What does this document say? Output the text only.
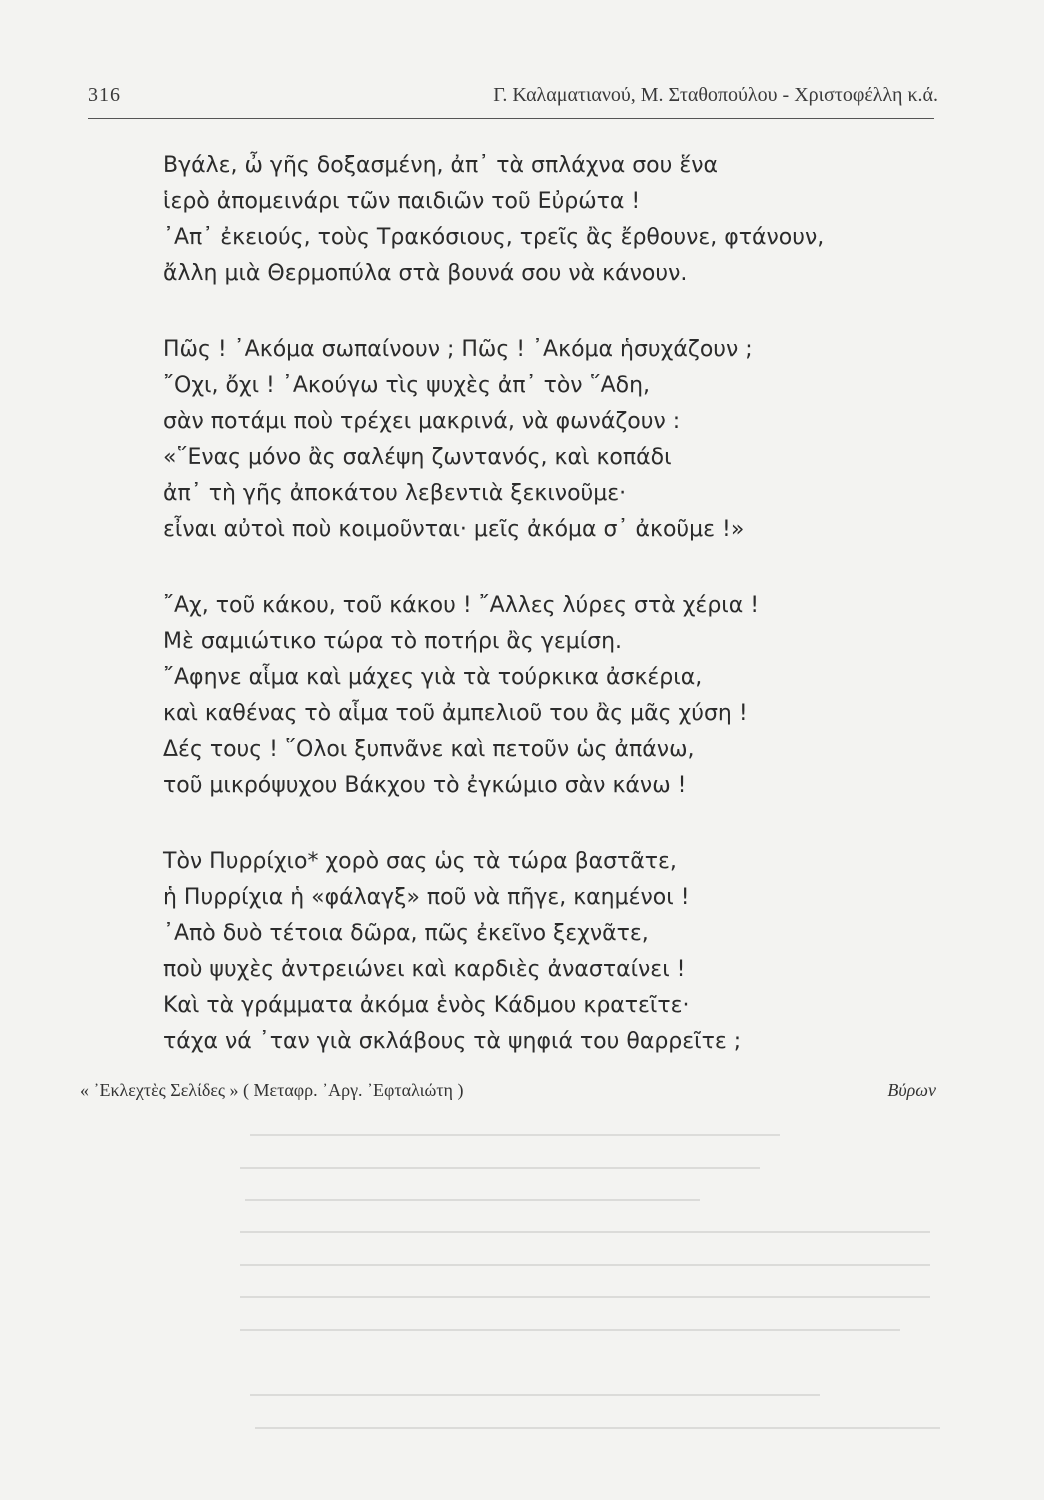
316	Γ. Καλαματιανού, Μ. Σταθοπούλου - Χριστοφέλλη κ.ά.
Βγάλε, ὦ γῆς δοξασμένη, ἀπ᾽ τὰ σπλάχνα σου ἕνα
ἱερὸ ἀπομεινάρι τῶν παιδιῶν τοῦ Εὐρώτα !
᾿Απ᾽ ἐκειούς, τοὺς Τρακόσιους, τρεῖς ἂς ἔρθουνε, φτάνουν,
ἄλλη μιὰ Θερμοπύλα στὰ βουνά σου νὰ κάνουν.
Πῶς ! ᾿Ακόμα σωπαίνουν ; Πῶς ! ᾿Ακόμα ἡσυχάζουν ;
῎Οχι, ὄχι ! ᾿Ακούγω τὶς ψυχὲς ἀπ᾽ τὸν ῞Αδη,
σὰν ποτάμι ποὺ τρέχει μακρινά, νὰ φωνάζουν :
«῞Ενας μόνο ἂς σαλέψη ζωντανός, καὶ κοπάδι
ἀπ᾽ τὴ γῆς ἀποκάτου λεβεντιὰ ξεκινοῦμε·
εἶναι αὐτοὶ ποὺ κοιμοῦνται· μεῖς ἀκόμα σ᾽ ἀκοῦμε !»
῎Αχ, τοῦ κάκου, τοῦ κάκου ! ῎Αλλες λύρες στὰ χέρια !
Μὲ σαμιώτικο τώρα τὸ ποτήρι ἂς γεμίση.
῎Αφηνε αἷμα καὶ μάχες γιὰ τὰ τούρκικα ἀσκέρια,
καὶ καθένας τὸ αἷμα τοῦ ἀμπελιοῦ του ἂς μᾶς χύση !
Δές τους ! ῞Ολοι ξυπνᾶνε καὶ πετοῦν ὡς ἀπάνω,
τοῦ μικρόψυχου Βάκχου τὸ ἐγκώμιο σὰν κάνω !
Τὸν Πυρρίχιο* χορὸ σας ὡς τὰ τώρα βαστᾶτε,
ἡ Πυρρίχια ἡ «φάλαγξ» ποῦ νὰ πῆγε, καημένοι !
᾿Απὸ δυὸ τέτοια δῶρα, πῶς ἐκεῖνο ξεχνᾶτε,
ποὺ ψυχὲς ἀντρειώνει καὶ καρδιὲς ἀνασταίνει !
Καὶ τὰ γράμματα ἀκόμα ἑνὸς Κάδμου κρατεῖτε·
τάχα νά ᾿ταν γιὰ σκλάβους τὰ ψηφιά του θαρρεῖτε ;
« ᾿Εκλεχτὲς Σελίδες » ( Μεταφρ. ᾿Αργ. ᾿Εφταλιώτη )	Βύρων
